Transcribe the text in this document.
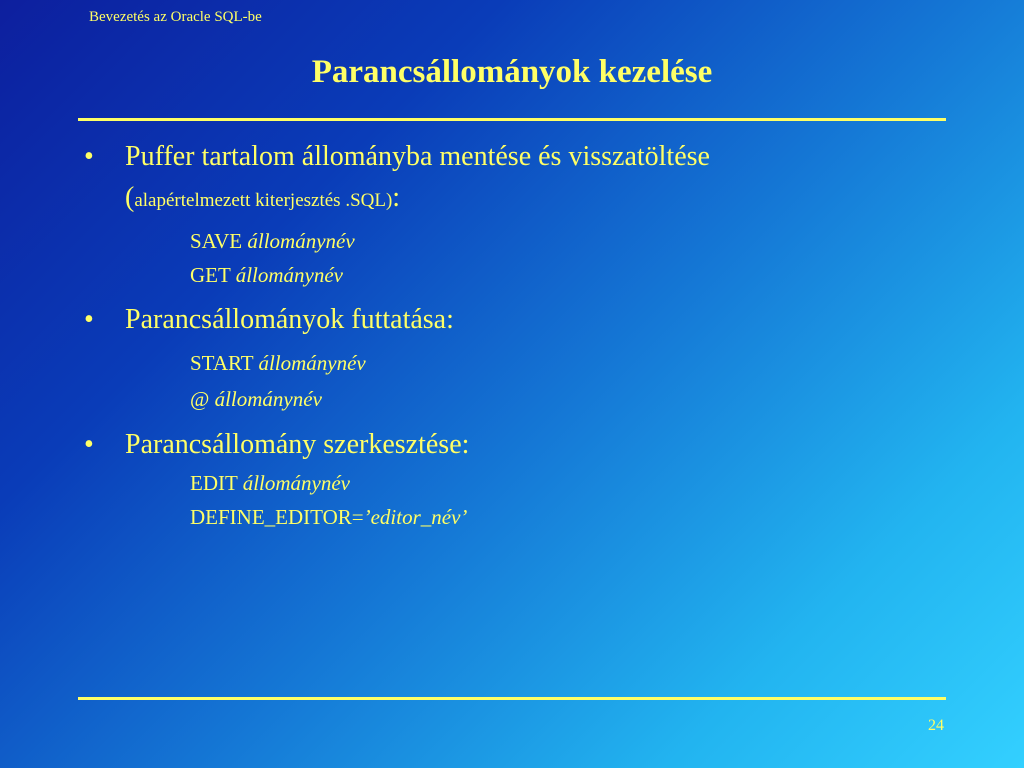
Bevezetés az Oracle SQL-be
Parancsállományok kezelése
• Puffer tartalom állományba mentése és visszatöltése
(alapértelmezett kiterjesztés .SQL):
SAVE állománynév
GET állománynév
• Parancsállományok futtatása:
START állománynév
@ állománynév
• Parancsállomány szerkesztése:
EDIT állománynév
DEFINE_EDITOR=’editor_név’
24
